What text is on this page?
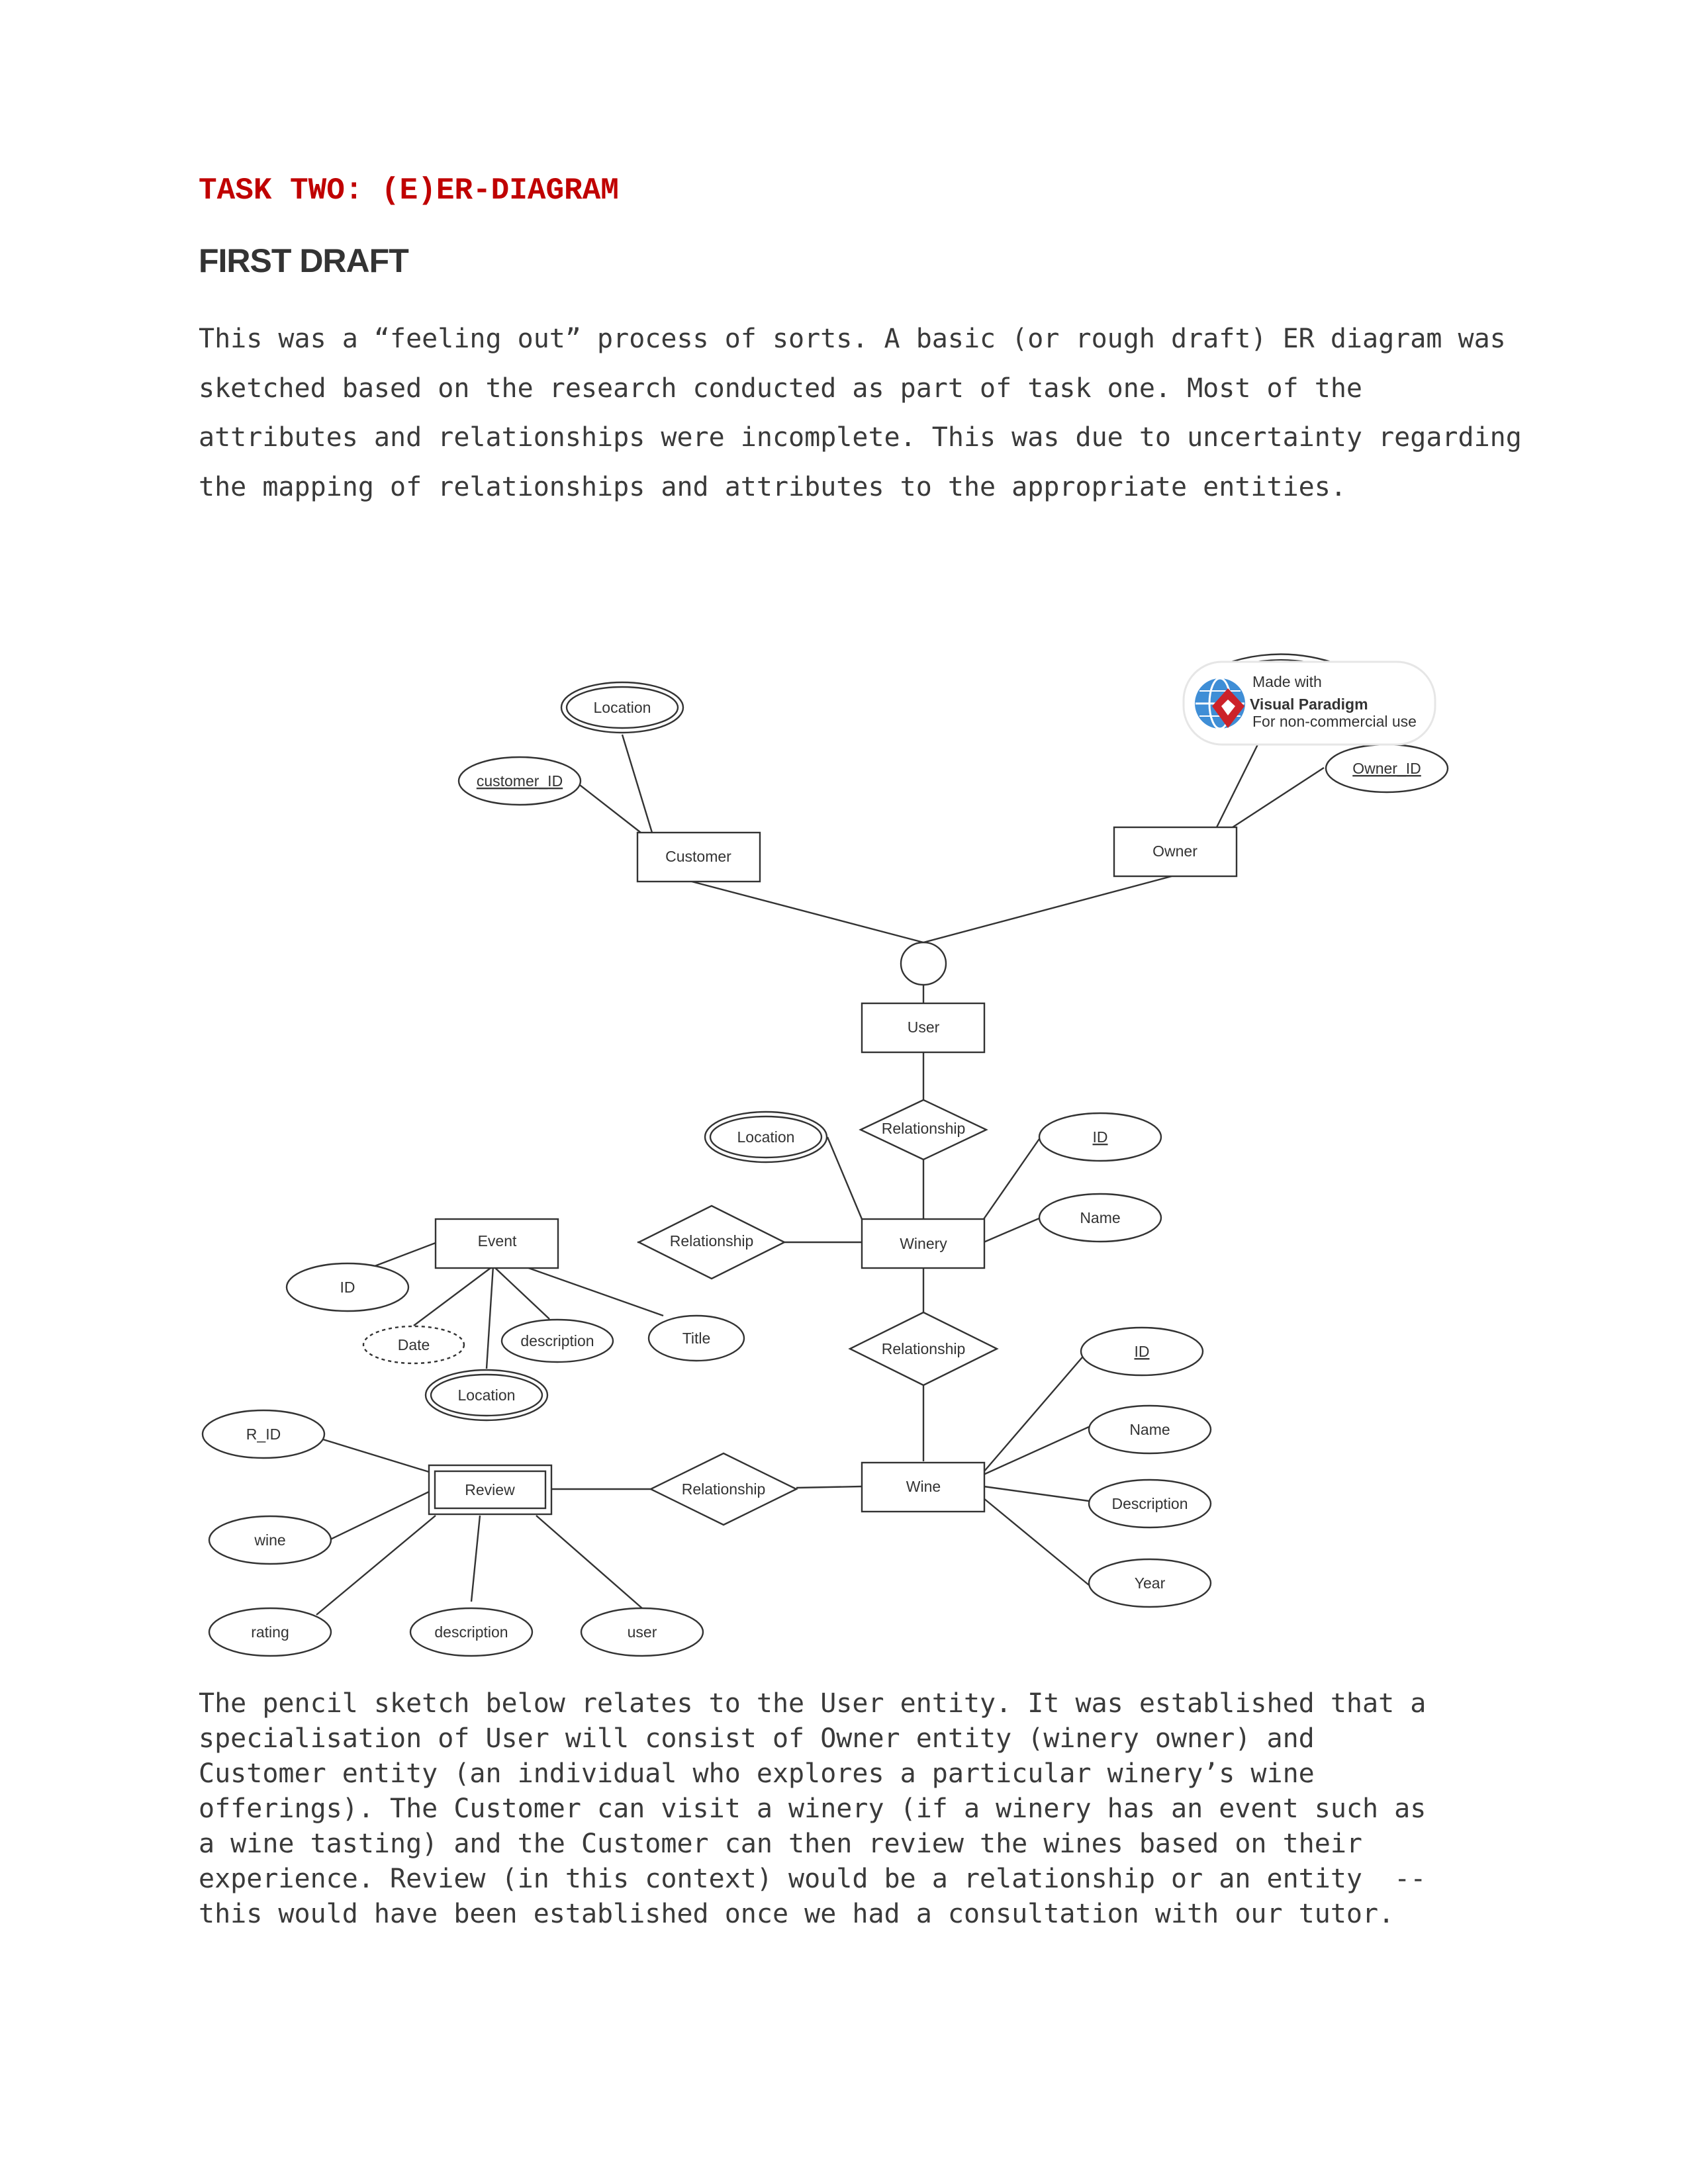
TASK TWO: (E)ER-DIAGRAM
FIRST DRAFT

This was a “feeling out” process of sorts. A basic (or rough draft) ER diagram was sketched based on the research conducted as part of task one. Most of the attributes and relationships were incomplete. This was due to uncertainty regarding the mapping of relationships and attributes to the appropriate entities.

Customer	Owner
User
Winery
Event
Wine
Review
Relationship
Relationship
Relationship
Relationship
Location
customer_ID
Owner_ID
Location	ID
Name
ID
Date	description	Title
Location
ID
Name
Description
Year
R_ID
wine
rating	description	user
Made with
Visual Paradigm
For non-commercial use
The pencil sketch below relates to the User entity. It was established that a
specialisation of User will consist of Owner entity (winery owner) and
Customer entity (an individual who explores a particular winery’s wine
offerings). The Customer can visit a winery (if a winery has an event such as
a wine tasting) and the Customer can then review the wines based on their
experience. Review (in this context) would be a relationship or an entity  --
this would have been established once we had a consultation with our tutor.
